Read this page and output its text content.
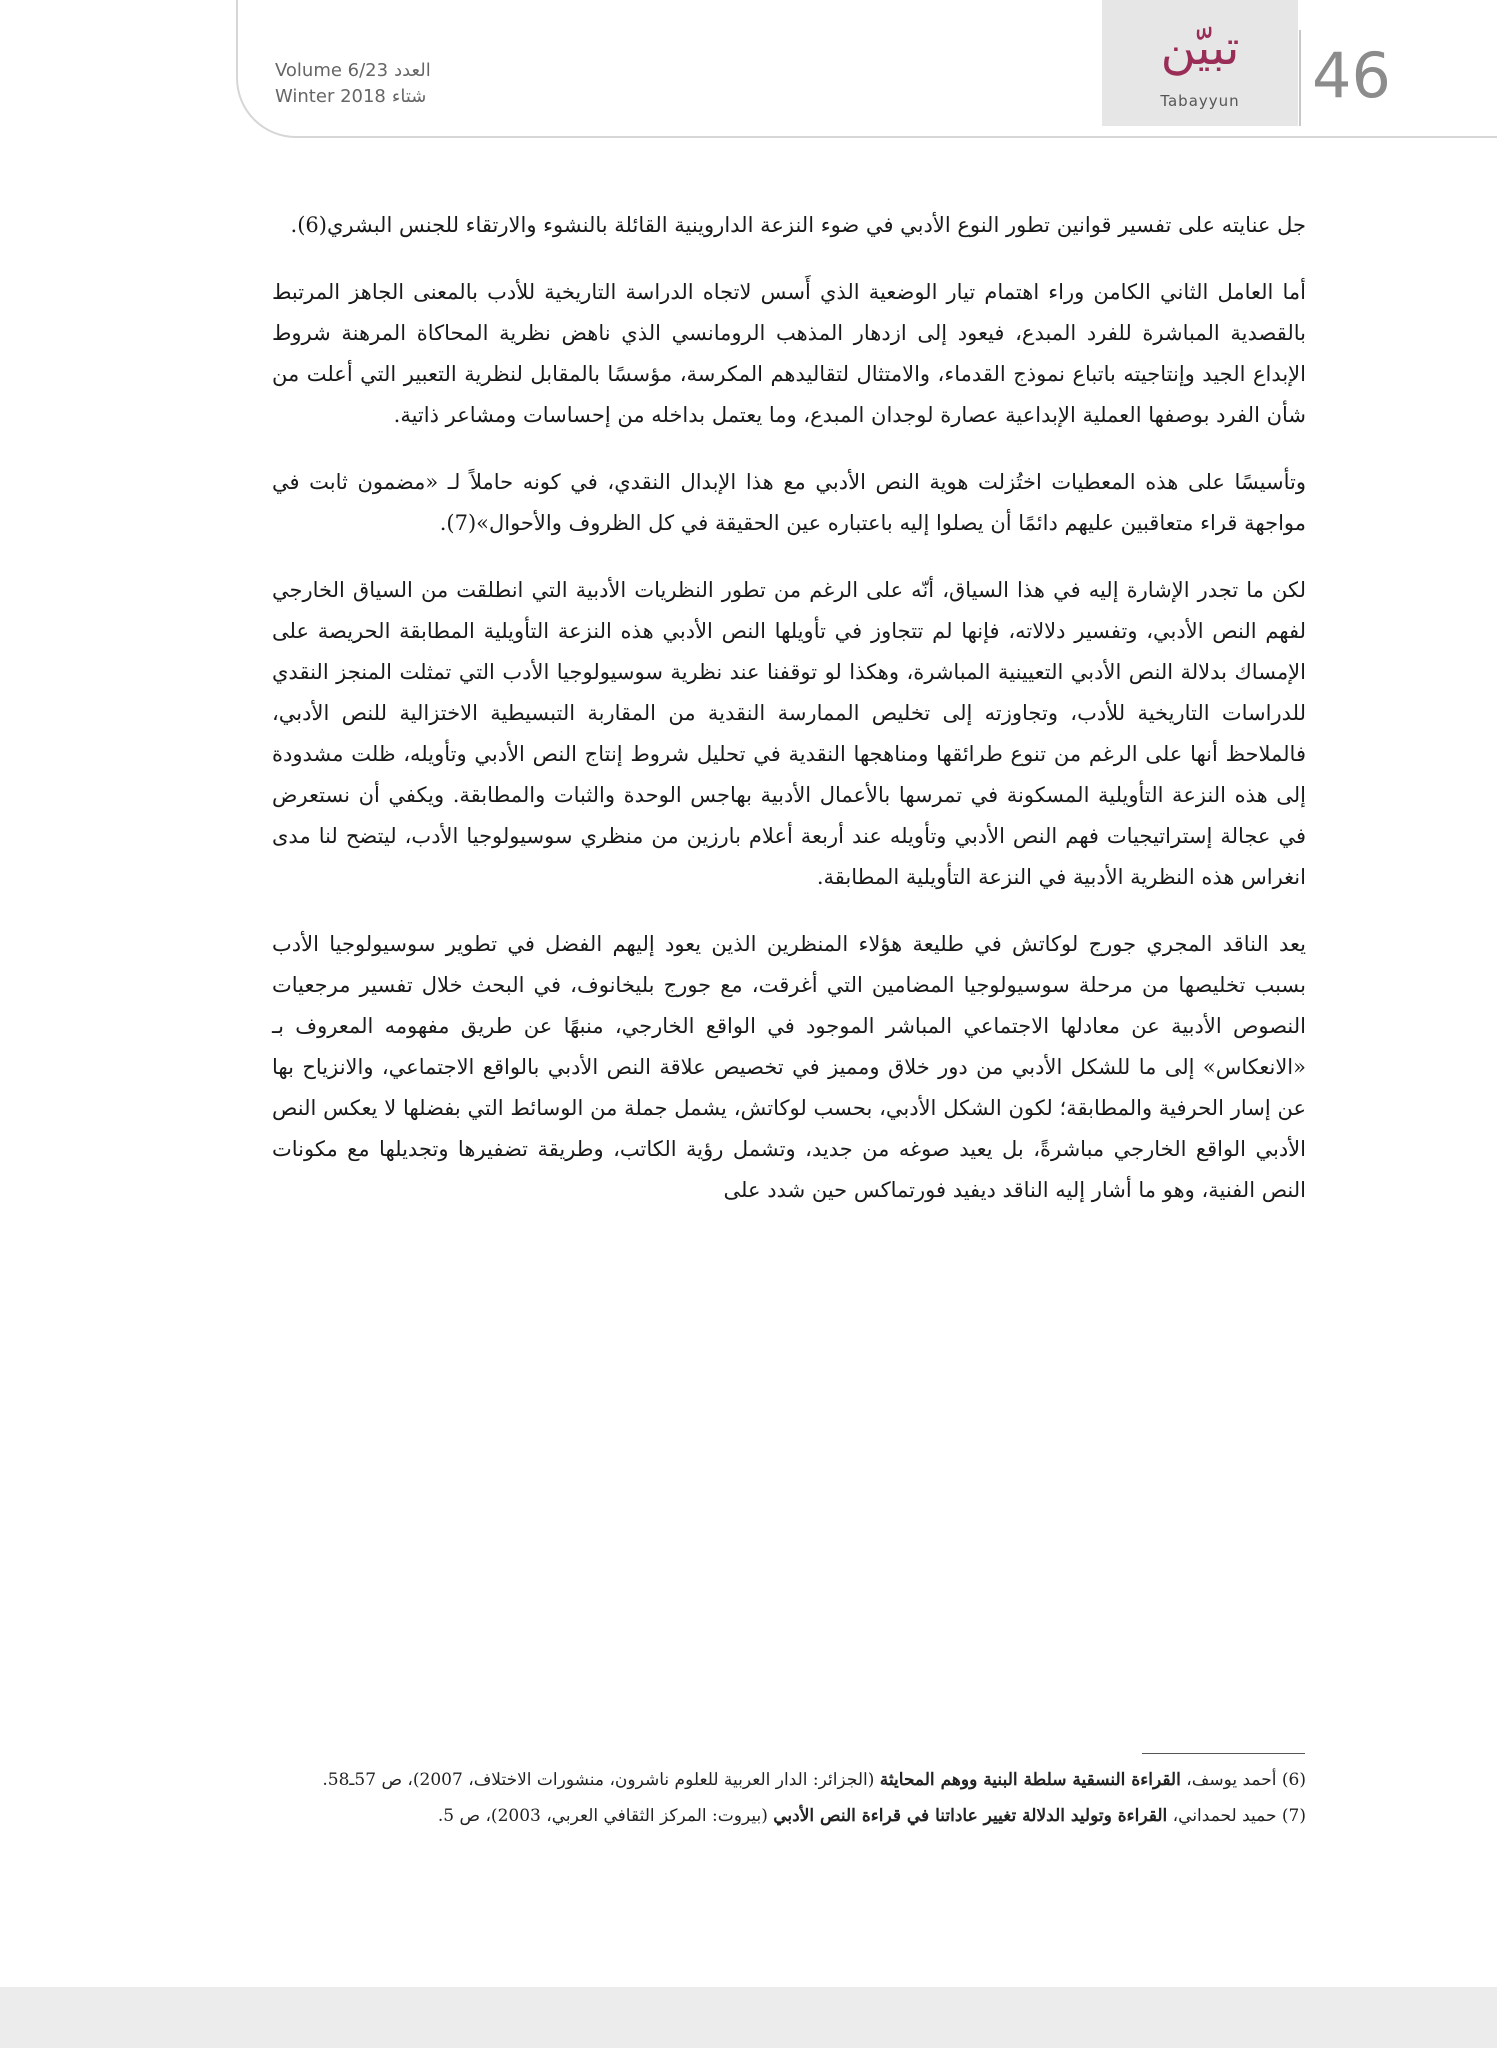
Volume 6/23 العدد
Winter 2018 شتاء
تبيّن
Tabayyun	46

جل عنايته على تفسير قوانين تطور النوع الأدبي في ضوء النزعة الداروينية القائلة بالنشوء والارتقاء للجنس البشري(6).

أما العامل الثاني الكامن وراء اهتمام تيار الوضعية الذي أَسس لاتجاه الدراسة التاريخية للأدب بالمعنى الجاهز المرتبط بالقصدية المباشرة للفرد المبدع، فيعود إلى ازدهار المذهب الرومانسي الذي ناهض نظرية المحاكاة المرهنة شروط الإبداع الجيد وإنتاجيته باتباع نموذج القدماء، والامتثال لتقاليدهم المكرسة، مؤسسًا بالمقابل لنظرية التعبير التي أعلت من شأن الفرد بوصفها العملية الإبداعية عصارة لوجدان المبدع، وما يعتمل بداخله من إحساسات ومشاعر ذاتية.

وتأسيسًا على هذه المعطيات اختُزلت هوية النص الأدبي مع هذا الإبدال النقدي، في كونه حاملاً لـ «مضمون ثابت في مواجهة قراء متعاقبين عليهم دائمًا أن يصلوا إليه باعتباره عين الحقيقة في كل الظروف والأحوال»(7).

لكن ما تجدر الإشارة إليه في هذا السياق، أنّه على الرغم من تطور النظريات الأدبية التي انطلقت من السياق الخارجي لفهم النص الأدبي، وتفسير دلالاته، فإنها لم تتجاوز في تأويلها النص الأدبي هذه النزعة التأويلية المطابقة الحريصة على الإمساك بدلالة النص الأدبي التعيينية المباشرة، وهكذا لو توقفنا عند نظرية سوسيولوجيا الأدب التي تمثلت المنجز النقدي للدراسات التاريخية للأدب، وتجاوزته إلى تخليص الممارسة النقدية من المقاربة التبسيطية الاختزالية للنص الأدبي، فالملاحظ أنها على الرغم من تنوع طرائقها ومناهجها النقدية في تحليل شروط إنتاج النص الأدبي وتأويله، ظلت مشدودة إلى هذه النزعة التأويلية المسكونة في تمرسها بالأعمال الأدبية بهاجس الوحدة والثبات والمطابقة. ويكفي أن نستعرض في عجالة إستراتيجيات فهم النص الأدبي وتأويله عند أربعة أعلام بارزين من منظري سوسيولوجيا الأدب، ليتضح لنا مدى انغراس هذه النظرية الأدبية في النزعة التأويلية المطابقة.

يعد الناقد المجري جورج لوكاتش في طليعة هؤلاء المنظرين الذين يعود إليهم الفضل في تطوير سوسيولوجيا الأدب بسبب تخليصها من مرحلة سوسيولوجيا المضامين التي أغرقت، مع جورج بليخانوف، في البحث خلال تفسير مرجعيات النصوص الأدبية عن معادلها الاجتماعي المباشر الموجود في الواقع الخارجي، منبهًا عن طريق مفهومه المعروف بـ «الانعكاس» إلى ما للشكل الأدبي من دور خلاق ومميز في تخصيص علاقة النص الأدبي بالواقع الاجتماعي، والانزياح بها عن إسار الحرفية والمطابقة؛ لكون الشكل الأدبي، بحسب لوكاتش، يشمل جملة من الوسائط التي بفضلها لا يعكس النص الأدبي الواقع الخارجي مباشرةً، بل يعيد صوغه من جديد، وتشمل رؤية الكاتب، وطريقة تضفيرها وتجديلها مع مكونات النص الفنية، وهو ما أشار إليه الناقد ديفيد فورتماكس حين شدد على

(6) أحمد يوسف، القراءة النسقية سلطة البنية ووهم المحايثة (الجزائر: الدار العربية للعلوم ناشرون، منشورات الاختلاف، 2007)، ص 57ـ58.

(7) حميد لحمداني، القراءة وتوليد الدلالة تغيير عاداتنا في قراءة النص الأدبي (بيروت: المركز الثقافي العربي، 2003)، ص 5.
